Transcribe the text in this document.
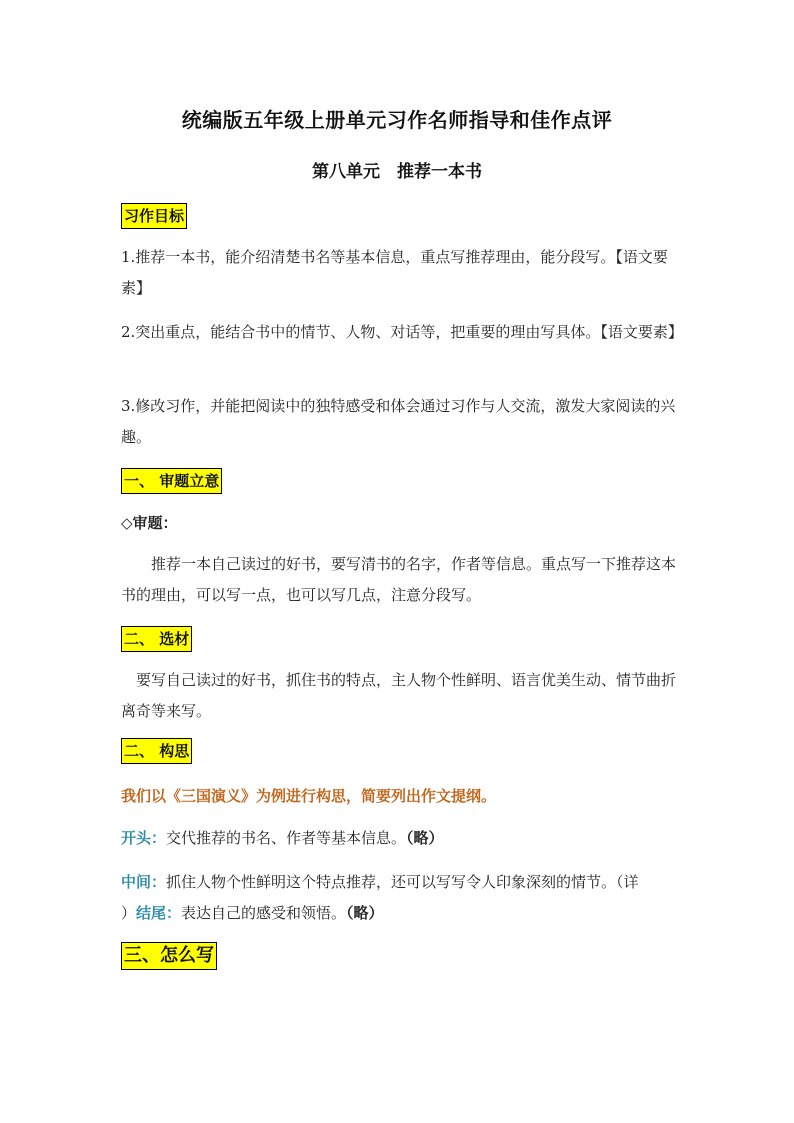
统编版五年级上册单元习作名师指导和佳作点评
第八单元　推荐一本书
习作目标
1.推荐一本书，能介绍清楚书名等基本信息，重点写推荐理由，能分段写。【语文要素】
2.突出重点，能结合书中的情节、人物、对话等，把重要的理由写具体。【语文要素】
3.修改习作，并能把阅读中的独特感受和体会通过习作与人交流，激发大家阅读的兴趣。
一、 审题立意
◇审题：
　　推荐一本自己读过的好书，要写清书的名字，作者等信息。重点写一下推荐这本书的理由，可以写一点，也可以写几点，注意分段写。
二、 选材
　要写自己读过的好书，抓住书的特点，主人物个性鲜明、语言优美生动、情节曲折离奇等来写。
二、 构思
我们以《三国演义》为例进行构思，简要列出作文提纲。
开头：交代推荐的书名、作者等基本信息。（略）
中间：抓住人物个性鲜明这个特点推荐，还可以写写令人印象深刻的情节。（详
）结尾：表达自己的感受和领悟。（略）
三、怎么写
